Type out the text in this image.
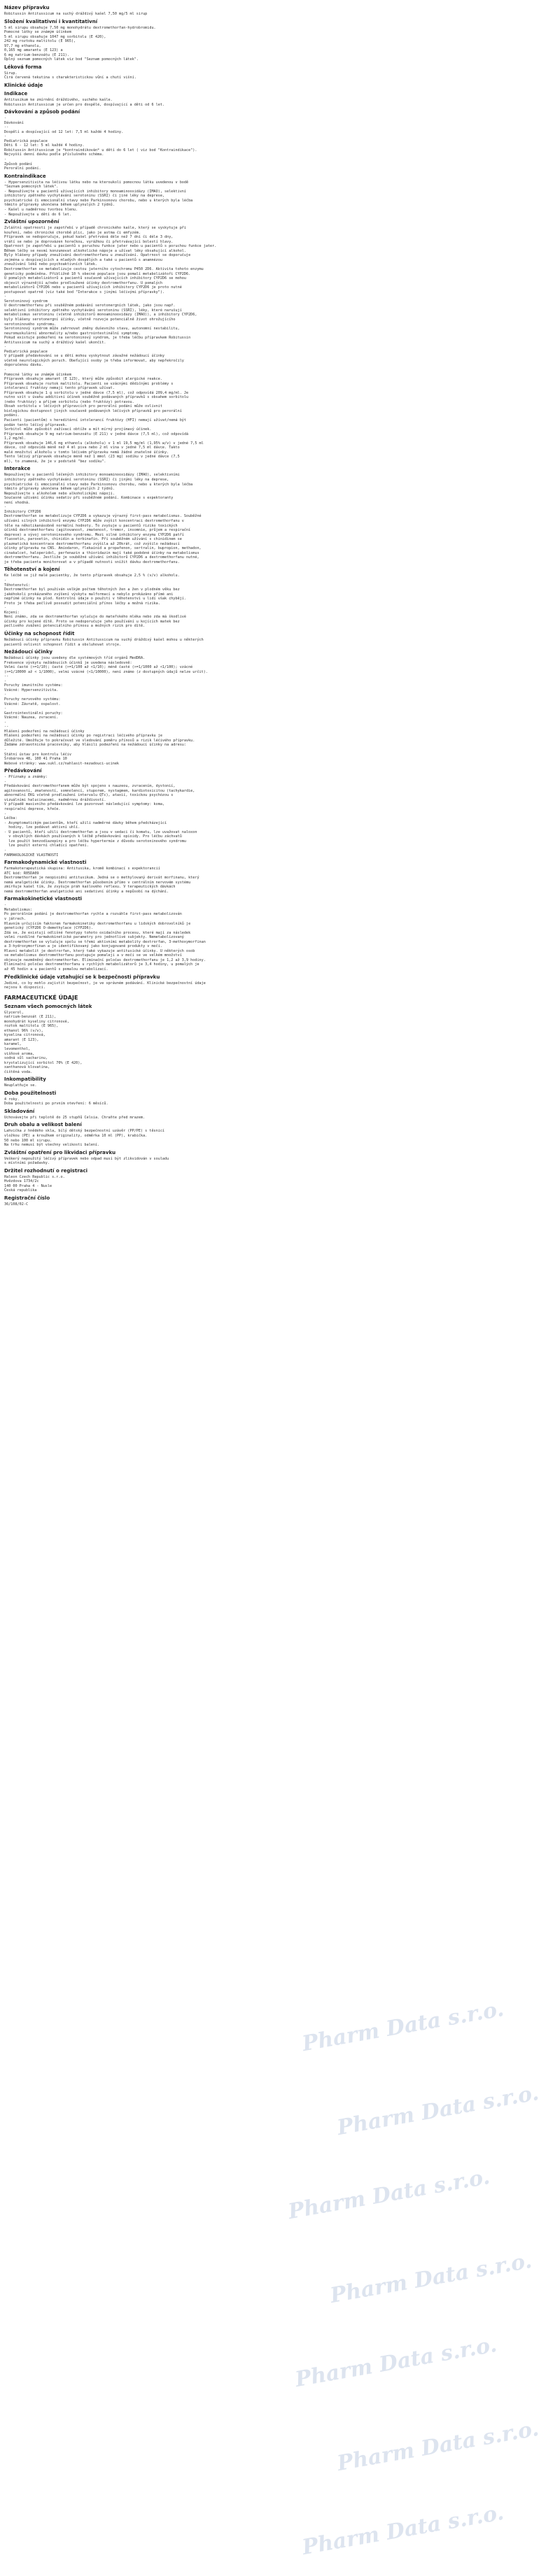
Název přípravku
Robitussin Antitussicum na suchý dráždivý kašel 7,50 mg/5 ml sirup
Složení kvalitativní i kvantitativní
5 ml sirupu obsahuje 7,50 mg monohydrátu dextromethorfan-hydrobromidu.
Pomocné látky se známým účinkem
5 ml sirupu obsahuje 1047 mg sorbitolu (E 420),
242 mg roztoku maltitolu (E 965),
97,7 mg ethanolu,
0,165 mg amarantu (E 123) a
6 mg natrium-benzoátu (E 211).
Úplný seznam pomocných látek viz bod "Seznam pomocných látek".
Léková forma
Sirup.
Čirá červená tekutina s charakteristickou vůní a chutí višní.
Klinické údaje
Indikace
Antitusikum ke zmírnění dráždivého, suchého kašle.
Robitussin Antitussicum je určen pro dospělé, dospívající a děti od 6 let.
Dávkování a způsob podání
-
Dávkování
--
Dospělí a dospívající od 12 let: 7,5 ml každé 4 hodiny.
-
Pediatrická populace
Děti 6 - 12 let: 5 ml každé 4 hodiny.
Robitussin Antitussicum je *kontraindikován* u dětí do 6 let ( viz bod "Kontraindikace").
Nejvyšší denní dávku podle příslušného schéma.
-
Způsob podání
Perorální podání.
Kontraindikace
- Hypersenzitivita na léčivou látku nebo na kteroukoli pomocnou látku uvedenou v bodě
"Seznam pomocných látek".
- Nepoužívejte u pacientů užívajících inhibitory monoaminooxidázy (IMAO), selektivní
inhibitory zpětného vychytávání serotoninu (SSRI) či jiné léky na deprese,
psychiatrické či emocionální stavy nebo Parkinsonovu chorobu, nebo u kterých byla léčba
těmito přípravky ukončena během uplynulých 2 týdnů.
- Kašel u nadměrnou tvorbou hlenu.
- Nepoužívejte u dětí do 6 let.
Zvláštní upozornění
Zvláštní opatrnosti je zapotřebí v případě chronického kašle, který se vyskytuje při
kouření, nebo chronické chorobě plic, jako je astma či emfyzém.
Přípravek se nedoporučuje, pokud kašel přetrvává déle než 7 dní či déle 3 dny,
vrátí se nebo je doprovázen horečkou, vyrážkou či přetrvávající bolestí hlavy.
Opatrnost je zapotřebí u pacientů s poruchou funkce jater nebo u pacientů s poruchou funkce jater.
Během léčby se nesmí konzumovat alkoholické nápoje a užívat léky obsahující alkohol.
Byly hlášeny případy zneužívání dextromethorfanu u zneužívání. Opatrnost se doporučuje
zejména u dospívajících a mladých dospělých a také u pacientů s anamnézou
zneužívání léků nebo psychoaktivních látek.
Dextromethorfan se metabolizuje cestou jaterního cytochromu P450 2D6. Aktivita tohoto enzymu
geneticky podmíněna. Přibližně 10 % obecné populace jsou pomalí metabolizátoři CYP2D6.
U pomalých metabolizátorů a pacientů současně užívajících inhibitory CYP2D6 se mohou
objevit výraznější a/nebo prodloužené účinky dextromethorfanu. U pomalých
metabolizátorů CYP2D6 nebo u pacientů užívajících inhibitory CYP2D6 je proto nutné
postupovat opatrně (viz také bod "Interakce s jinými léčivými přípravky").
-
Serotoninový syndrom
U dextromethorfanu při souběžném podávání serotonergních látek, jako jsou např.
selektivní inhibitory zpětného vychytávání serotoninu (SSRI), léky, které narušují
metabolismus serotoninu (včetně inhibitorů monoaminooxidázy (IMAO)), a inhibitory CYP2D6,
byly hlášeny serotonergní účinky, včetně rozvoje potenciálně život ohrožujícího
serotoninového syndromu.
Serotoninový syndrom může zahrnovat změny duševního stavu, autonomní nestabilitu,
neuromuskulární abnormality a/nebo gastrointestinální symptomy.
Pokud existuje podezření na serotoninový syndrom, je třeba léčbu přípravkem Robitussin
Antitussicum na suchý a dráždivý kašel ukončit.
-
Pediatrická populace
V případě předávkování se u dětí mohou vyskytnout závažné nežádoucí účinky
včetně neurologických poruch. Obeťující osoby je třeba informovat, aby nepřekročily
doporučenou dávku.
-
Pomocné látky se známým účinkem
Přípravek obsahuje amarant (E 123), který může způsobit alergické reakce.
Přípravek obsahuje roztok maltitolu. Pacienti se vzácnými dědičnými problémy s
intolerancí fruktózy nemají tento přípravek užívat.
Přípravek obsahuje 1 g sorbitolu v jedné dávce (7,5 ml), což odpovídá 209,4 mg/ml. Je
nutno vzít v úvahu additivní účinek souběžně podávaných přípravků s obsahem sorbitolu
(nebo fruktózy) a příjem sorbitolu (nebo fruktózy) potravou.
Obsah sorbitolu v léčivých přípravcích pro perorální podání může ovlivnit
biologickou dostupnost jiných současně podávaných léčivých přípravků pro perorální
podání.
Pacienti (pacientům) s hereditární intolerancí fruktózy (HFI) nemají užívat/nemá být
podán tento léčivý přípravek.
Sorbitol může způsobit zažívací obtíže a mít mírný projímavý účinek.
Přípravek obsahuje 9 mg natrium-benzoátu (E 211) v jedné dávce (7,5 ml), což odpovídá
1,2 mg/ml.
Přípravek obsahuje 146,6 mg ethanolu (alkoholu) v 1 ml 19,5 mg/ml (1,95% w/v) v jedné 7,5 ml
dávce, což odpovídá méně než 4 ml piva nebo 2 ml vína v jedné 7,5 ml dávce. Takto
malé množství alkoholu v tomto léčivém přípravku nemá žádné znatelné účinky.
Tento léčivý přípravek obsahuje méně než 1 mmol (23 mg) sodíku v jedné dávce (7,5
ml), to znamená, že je v podstatě "bez sodíku".
Interakce
Nepoužívejte u pacientů léčených inhibitory monoaminooxidázy (IMAO), selektivními
inhibitory zpětného vychytávání serotoninu (SSRI) či jinými léky na deprese,
psychiatrické či emocionální stavy nebo Parkinsonovu chorobu, nebo u kterých byla léčba
těmito přípravky ukončena během uplynulých 2 týdnů.
Nepoužívejte s alkoholem nebo alkoholickými nápoji.
Současné užívání účinku sedativ při souběžném podání. Kombinace s expektoranty
není vhodná.
-
Inhibitory CYP2D6
Dextromethorfan se metabolizuje CYP2D6 a vykazuje výrazný first-pass metabolismus. Souběžné
užívání silných inhibitorů enzymu CYP2D6 může zvýšit koncentraci dextromethorfanu v
těle na několikanásobně normální hodnoty. To zvyšuje u pacientů riziko toxických
účinků dextromethorfanu (agitovanost, zmatenost, tremor, insomnie, průjem a respirační
deprese) a vývoj serotoninového syndromu. Mezi silné inhibitory enzymu CYP2D6 patří
fluoxetin, paroxetin, chinidin a terbinafin. Při souběžném užívání s chinidinem se
plazmatická koncentrace dextromethorfanu zvýšila až 20krát, což zvýšilo nežádoucí
účinky přípravku na CNS. Amiodaron, flekainid a propafenon, sertralin, bupropion, methadon,
cinakalcet, haloperidol, perfenazin a thioridazin mají také podobné účinky na metabolismus
dextromethorfanu. Jestliže je souběžné užívání inhibitorů CYP2D6 a dextromethorfanu nutné,
je třeba pacienta monitorovat a v případě nutnosti snížit dávku dextromethorfanu.
Těhotenství a kojení
Ke léčbě se již malé pacientky, že tento přípravek obsahuje 2,5 % (v/v) alkoholu.
-
Těhotenství:
Dextromethorfan byl používán velkým počtem těhotných žen a žen v plodném věku bez
jakéhokoli prokázaného zvýšení výskytu malformací a nebylo prokázáno přímé ani
nepřímé účinky na plod. Kontrolní údaje o použití v těhotenství u lidí však chybějí.
Proto je třeba pečlivě posoudit potenciální přínos léčby a možná rizika.
-
Kojení:
Není známo, zda se dextromethorfan vylučuje do mateřského mléka nebo zda má škodlivé
účinky pro kojené dítě. Proto se nedoporučuje jeho používání u kojících matek bez
pečlivého zvážení potenciálního přínosu a možných rizik pro dítě.
Účinky na schopnost řídit
Nežádoucí účinky přípravku Robitussin Antitussicum na suchý dráždivý kašel mohou u některých
pacientů ovlivnit schopnost řídit a obsluhovat stroje.
Nežádoucí účinky
Nežádoucí účinky jsou uvedeny dle systémových tříd orgánů MedDRA.
Frekvence výskytu nežádoucích účinků je uvedena následovně:
Velmi časté (>=1/10); časté (>=1/100 až <1/10); méně časté (>=1/1000 až <1/100); vzácné
(>=1/10000 až < 1/1000), velmi vzácné (<1/10000), není známo (z dostupných údajů nelze určit).
--
-
Poruchy imunitního systému:
Vzácné: Hypersenzitivita.
-
Poruchy nervového systému:
Vzácné: Závratě, ospalost.
-
Gastrointestinální poruchy:
Vzácné: Nauzea, zvracení.
-
--
Hlášení podezření na nežádoucí účinky
Hlášení podezření na nežádoucí účinky po registraci léčivého přípravku je
důležité. Umožňuje to pokračovat ve sledování poměru přínosů a rizik léčivého přípravku.
Žádáme zdravotnické pracovníky, aby hlásili podezření na nežádoucí účinky na adresu:
-
Státní ústav pro kontrolu léčiv
Šrobárova 48, 100 41 Praha 10
Webové stránky: www.sukl.cz/nahlasit-nezadouci-ucinek
Předávkování
- Příznaky a známky:
-
Předávkování dextromethorfanem může být spojeno s nauzeou, zvracením, dystonií,
agitovaností, zmateností, somnolencí, stuporem, nystagmem, kardiotoxicitou (tachykardie,
abnormální EKG včetně prodloužení intervalu QTc), ataxií, toxickou psychózou s
vizuálními halucinacemi, nadměrnou dráždivostí.
V případě masivního předávkování lze pozorovat následující symptomy: koma,
respirační deprese, křeče.
-
Léčba:
- Asymptomatickým pacientům, kteří užili nadměrné dávky během předcházející
hodiny, lze podávat aktivní uhlí.
- U pacientů, kteří užili dextromethorfan a jsou v sedaci či komatu, lze uvažovat naloxon
v obvyklých dávkách používaných k léčbě předávkování opioidy. Pro léčbu záchvatů
lze použít benzodiazepiny a pro léčbu hypertermie z důvodu serotoninového syndromu
lze použít externí chladící opatření.
-
FARMAKOLOGICKÉ VLASTNOSTI
Farmakodynamické vlastnosti
Farmakoterapeutická skupina: Antitusika, kromě kombinací s expektorancií
ATC kód: R05DA09
Dextromethorfan je neopioidní antitusikum. Jedná se o methylovaný derivát morfinanu, který
nemá analgetické účinky. Dextromethorfan působením přímo v centrálním nervovém systému
zmírňuje kašel tím, že zvyšuje práh kašlového reflexu. V terapeutických dávkách
nemá dextromethorfan analgetické ani sedativní účinky a nepůsobí na dýchání.
Farmakokinetické vlastnosti
-
Metabolismus:
Po perorálním podání je dextromethorfan rychle a rozsáhle first-pass metabolizován
v játrech.
Hlavním určujícím faktorem farmakokinetiky dextromethorfanu u lidských dobrovolníků je
genetický (CYP2D6 O-demethylace (CYP2D6).
Zdá se, že existují odlišné fenotypy tohoto oxidačního procesu, které mají za následek
velmi rozdílné farmakokinetické parametry pro jednotlivé subjekty. Nemetabolizovaný
dextromethorfan se vylučuje spolu se třemi aktivními metabolity dextrorfan, 3-methoxymorfinan
a 3-hydroxymorfinan a je identifikovaný jako konjugované produkty v moči.
Hlavní metabolit je dextrorfan, který také vykazuje antitusické účinky. U některých osob
se metabolismus dextromethorfanu postupuje pomaleji a v moči se ve velkém množství
objevuje nezměněný dextromethorfan. Eliminační poločas dextromethorfanu je 1,2 až 3,9 hodiny.
Eliminační poločas dextromethorfanu u rychlých metabolizátorů je 3,4 hodiny, u pomalých je
až 45 hodin a u pacientů s pomalou metabolizací.
Předklinické údaje vztahující se k bezpečnosti přípravku
Jediné, co by mohlo zajistit bezpečnost, je ve správném podávání. Klinické bezpečnostní údaje
nejsou k dispozici.
FARMACEUTICKÉ ÚDAJE
Seznam všech pomocných látek
Glycerol,
natrium-benzoát (E 211),
monohydrát kyseliny citronové,
roztok maltitolu (E 965),
ethanol 96% (v/v),
kyselina citronová,
amarant (E 123),
karamel,
levomenthol,
višňové aroma,
sodná sůl sacharinu,
krystalizující sorbitol 70% (E 420),
xanthanová klovatina,
čištěná voda.
Inkompatibility
Neuplatňuje se.
Doba použitelnosti
4 roky.
Doba použitelnosti po prvním otevření: 6 měsíců.
Skladování
Uchovávejte při teplotě do 25 stupňů Celsia. Chraňte před mrazem.
Druh obalu a velikost balení
Lahvička z hnědého skla, bílý dětský bezpečnostní uzávěr (PP/PE) s těsnicí
vložkou (PE) a kroužkem originality, odměrka 10 ml (PP), krabička.
50 nebo 100 ml sirupu.
Na trhu nemusí být všechny velikosti balení.
Zvláštní opatření pro likvidaci přípravku
Veškerý nepoužitý léčivý přípravek nebo odpad musí být zlikvidován v souladu
s místními požadavky.
Držitel rozhodnutí o registraci
Haleon Czech Republic s.r.o.
Hvězdova 1734/2c
140 00 Praha 4 - Nusle
Česká republika
Registrační číslo
36/108/02-C
Pharm Data s.r.o.
Pharm Data s.r.o.
Pharm Data s.r.o.
Pharm Data s.r.o.
Pharm Data s.r.o.
Pharm Data s.r.o.
Pharm Data s.r.o.
